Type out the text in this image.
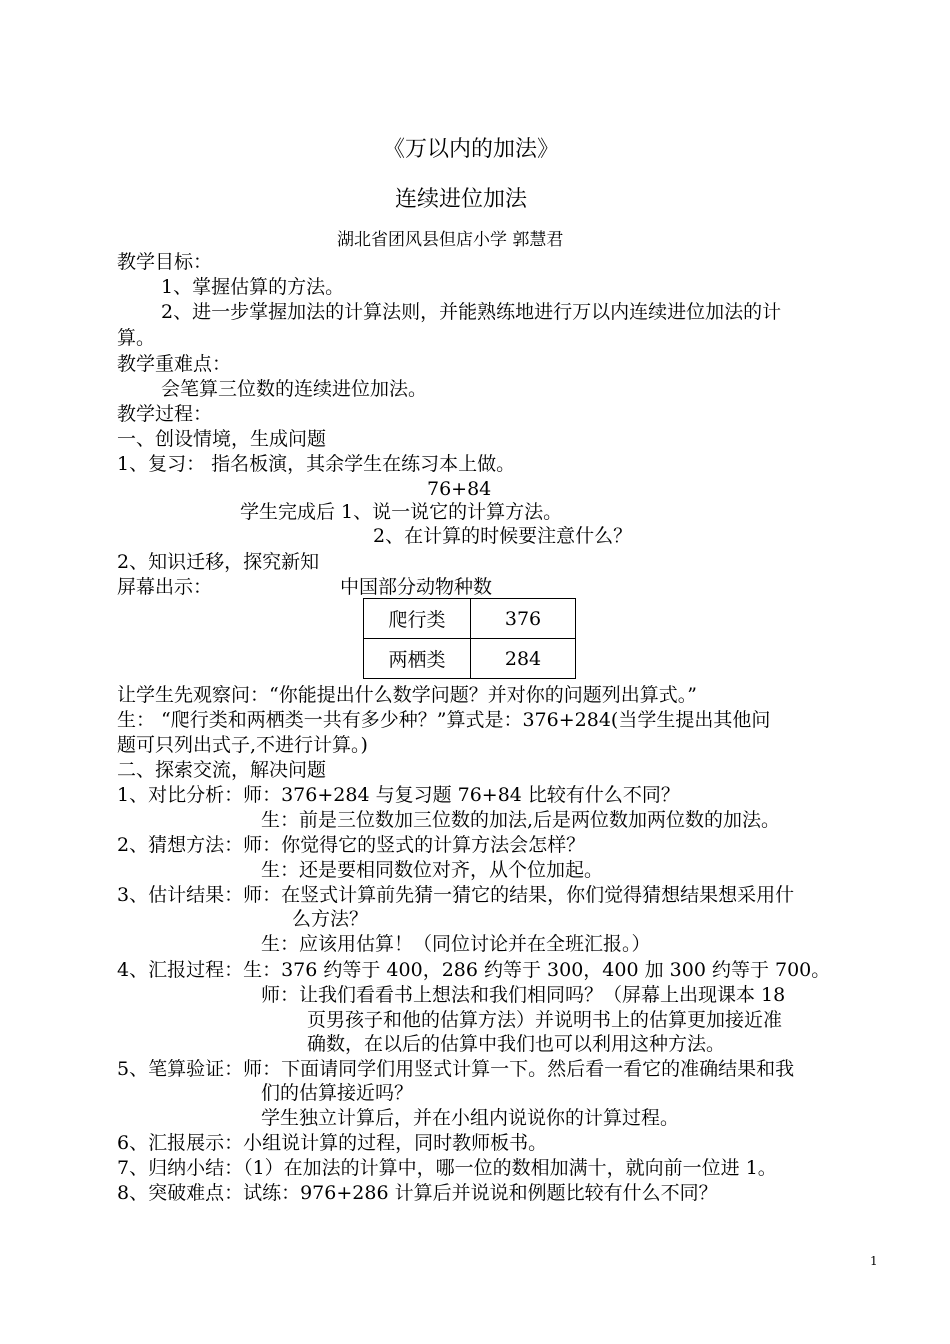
《万以内的加法》
连续进位加法
湖北省团风县但店小学 郭慧君
教学目标：
1、掌握估算的方法。
2、进一步掌握加法的计算法则，并能熟练地进行万以内连续进位加法的计
算。
教学重难点：
会笔算三位数的连续进位加法。
教学过程：
一、创设情境，生成问题
1、复习： 指名板演，其余学生在练习本上做。
76+84
学生完成后 1、说一说它的计算方法。
2、在计算的时候要注意什么？
2、知识迁移，探究新知
屏幕出示：	中国部分动物种数
爬行类	376
两栖类	284
让学生先观察问：“你能提出什么数学问题？并对你的问题列出算式。”
生： “爬行类和两栖类一共有多少种？”算式是：376+284(当学生提出其他问
题可只列出式子,不进行计算。)
二、探索交流，解决问题
1、对比分析：师：376+284 与复习题 76+84 比较有什么不同？
生：前是三位数加三位数的加法,后是两位数加两位数的加法。
2、猜想方法：师：你觉得它的竖式的计算方法会怎样？
生：还是要相同数位对齐，从个位加起。
3、估计结果：师：在竖式计算前先猜一猜它的结果，你们觉得猜想结果想采用什
么方法？
生：应该用估算！（同位讨论并在全班汇报。）
4、汇报过程：生：376 约等于 400，286 约等于 300，400 加 300 约等于 700。
师：让我们看看书上想法和我们相同吗？（屏幕上出现课本 18
页男孩子和他的估算方法）并说明书上的估算更加接近准
确数，在以后的估算中我们也可以利用这种方法。
5、笔算验证：师：下面请同学们用竖式计算一下。然后看一看它的准确结果和我
们的估算接近吗？
学生独立计算后，并在小组内说说你的计算过程。
6、汇报展示：小组说计算的过程，同时教师板书。
7、归纳小结：（1）在加法的计算中，哪一位的数相加满十，就向前一位进 1。
8、突破难点：试练：976+286 计算后并说说和例题比较有什么不同？
1
